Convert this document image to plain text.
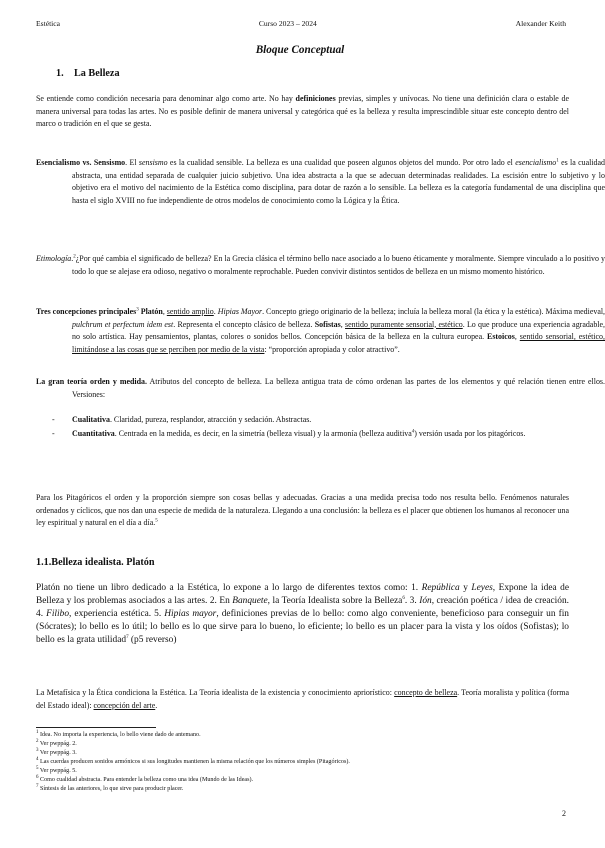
Estética	Curso 2023 – 2024	Alexander Keith
Bloque Conceptual
1. La Belleza
Se entiende como condición necesaria para denominar algo como arte. No hay definiciones previas, simples y unívocas. No tiene una definición clara o estable de manera universal para todas las artes. No es posible definir de manera universal y categórica qué es la belleza y resulta imprescindible situar este concepto dentro del marco o tradición en el que se gesta.
Esencialismo vs. Sensismo. El sensismo es la cualidad sensible. La belleza es una cualidad que poseen algunos objetos del mundo. Por otro lado el esencialismo$^1$ es la cualidad abstracta, una entidad separada de cualquier juicio subjetivo. Una idea abstracta a la que se adecuan determinadas realidades. La escisión entre lo subjetivo y lo objetivo era el motivo del nacimiento de la Estética como disciplina, para dotar de razón a lo sensible. La belleza es la categoría fundamental de una disciplina que hasta el siglo XVIII no fue independiente de otros modelos de conocimiento como la Lógica y la Ética.
Etimología.$^2$¿Por qué cambia el significado de belleza? En la Grecia clásica el término bello nace asociado a lo bueno éticamente y moralmente. Siempre vinculado a lo positivo y todo lo que se alejase era odioso, negativo o moralmente reprochable. Pueden convivir distintos sentidos de belleza en un mismo momento histórico.
Tres concepciones principales$^3$ Platón, sentido amplio. Hipias Mayor. Concepto griego originario de la belleza; incluía la belleza moral (la ética y la estética). Máxima medieval, pulchrum et perfectum idem est. Representa el concepto clásico de belleza. Sofistas, sentido puramente sensorial, estético. Lo que produce una experiencia agradable, no solo artística. Hay pensamientos, plantas, colores o sonidos bellos. Concepción básica de la belleza en la cultura europea. Estoicos, sentido sensorial, estético, limitándose a las cosas que se perciben por medio de la vista: “proporción apropiada y color atractivo”.
La gran teoría orden y medida. Atributos del concepto de belleza. La belleza antigua trata de cómo ordenan las partes de los elementos y qué relación tienen entre ellos. Versiones:
- Cualitativa. Claridad, pureza, resplandor, atracción y sedación. Abstractas.
- Cuantitativa. Centrada en la medida, es decir, en la simetría (belleza visual) y la armonía (belleza auditiva$^4$) versión usada por los pitagóricos.
Para los Pitagóricos el orden y la proporción siempre son cosas bellas y adecuadas. Gracias a una medida precisa todo nos resulta bello. Fenómenos naturales ordenados y cíclicos, que nos dan una especie de medida de la naturaleza. Llegando a una conclusión: la belleza es el placer que obtienen los humanos al reconocer una ley espiritual y natural en el día a día.$^5$
1.1.Belleza idealista. Platón
Platón no tiene un libro dedicado a la Estética, lo expone a lo largo de diferentes textos como: 1. República y Leyes, Expone la idea de Belleza y los problemas asociados a las artes. 2. En Banquete, la Teoría Idealista sobre la Belleza$^6$. 3. Ión, creación poética / idea de creación. 4. Filibo, experiencia estética. 5. Hipias mayor, definiciones previas de lo bello: como algo conveniente, beneficioso para conseguir un fin (Sócrates); lo bello es lo útil; lo bello es lo que sirve para lo bueno, lo eficiente; lo bello es un placer para la vista y los oídos (Sofistas); lo bello es la grata utilidad$^7$ (p5 reverso)
La Metafísica y la Ética condiciona la Estética. La Teoría idealista de la existencia y conocimiento apriorístico: concepto de belleza. Teoría moralista y política (forma del Estado ideal): concepción del arte.
$^1$ Idea. No importa la experiencia, lo bello viene dado de antemano.
$^2$ Ver pwppág. 2.
$^3$ Ver pwppág. 3.
$^4$ Las cuerdas producen sonidos armónicos si sus longitudes mantienen la misma relación que los números simples (Pitagóricos).
$^5$ Ver pwppág. 5.
$^6$ Como cualidad abstracta. Para entender la belleza como una idea (Mundo de las Ideas).
$^7$ Síntesis de las anteriores, lo que sirve para producir placer.
2
